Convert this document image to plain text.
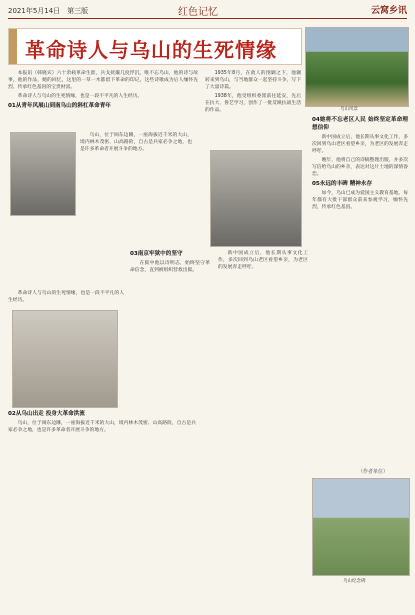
2021年5月14日　第三版	红色记忆	云窝乡讯
革命诗人与乌山的生死情缘
乌山风景

本报讯（韩晓宾）六十余载革命生涯，兵戈扰攘几度浮沉，唯不忘乌山，他的诗与故事，他的作品，她的回忆，这里的一草一木都留下革命的印记，这些诗歌成为后人缅怀先烈、传承红色基因的宝贵财富。

革命诗人与乌山的生死情缘，也是一段不平凡的人生经历。

01从青年风展山到南乌山的斜杠革命青年

乌山，位于闽东边陲，一座海拔近千米的大山，境内林木茂密、山高路险，自古是兵家必争之地，也是许多革命者开展斗争的地方。

1935年8月，在敌人的围剿之下，他辗转来到乌山，与当地群众一起坚持斗争，写下了大量诗篇。

1938年，他受组织委派前往延安，先后在抗大、鲁艺学习，创作了一批反映抗战生活的作品。

革命诗人与乌山的生死情缘，也是一段不平凡的人生经历。

02从乌山出走 投身大革命洪流

乌山，位于闽东边陲，一座海拔近千米的大山，境内林木茂密、山高路险，自古是兵家必争之地，也是许多革命者开展斗争的地方。

03南京牢狱中的坚守

在狱中他以诗明志，始终坚守革命信念，直到被组织营救出狱。

新中国成立后，他长期从事文化工作，多次回到乌山老区看望乡亲，为老区的发展奔走呼吁。

04她将不忘老区人民 始终坚定革命理想信仰

新中国成立后，他长期从事文化工作，多次回到乌山老区看望乡亲，为老区的发展奔走呼吁。

晚年，他将自己的诗稿整理出版，并多次写信给乌山的乡亲，表达对这片土地的深情眷恋。

05永远的丰碑 精神永存

如今，乌山已成为爱国主义教育基地，每年都有大批干部群众前来参观学习，缅怀先烈，传承红色基因。

（作者单位）
乌山纪念碑
